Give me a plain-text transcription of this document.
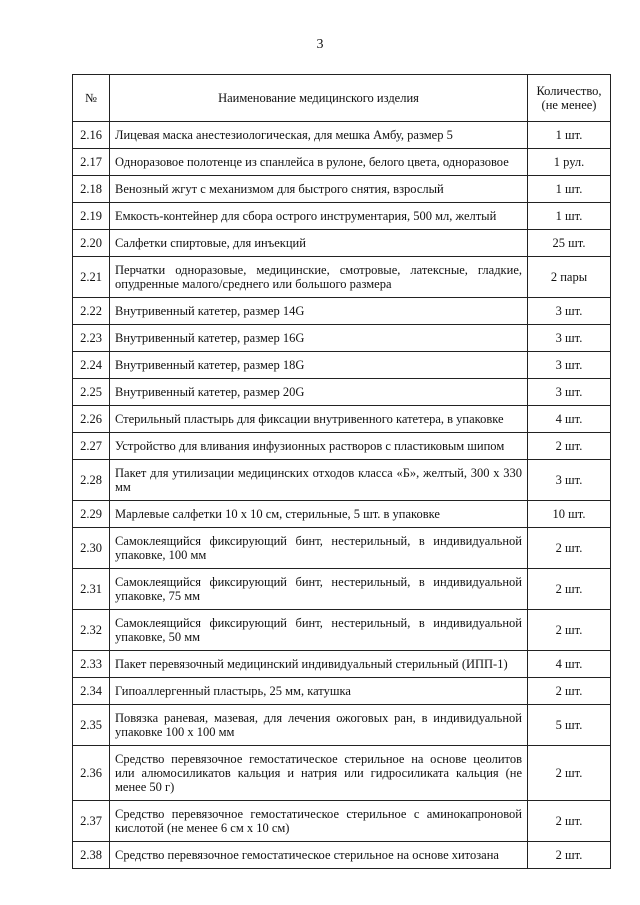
3
№	Наименование медицинского изделия	Количество, (не менее)
2.16	Лицевая маска анестезиологическая, для мешка Амбу, размер 5	1 шт.
2.17	Одноразовое полотенце из спанлейса в рулоне, белого цвета, одноразовое	1 рул.
2.18	Венозный жгут с механизмом для быстрого снятия, взрослый	1 шт.
2.19	Емкость-контейнер для сбора острого инструментария, 500 мл, желтый	1 шт.
2.20	Салфетки спиртовые, для инъекций	25 шт.
2.21	Перчатки одноразовые, медицинские, смотровые, латексные, гладкие, опудренные малого/среднего или большого размера	2 пары
2.22	Внутривенный катетер, размер 14G	3 шт.
2.23	Внутривенный катетер, размер 16G	3 шт.
2.24	Внутривенный катетер, размер 18G	3 шт.
2.25	Внутривенный катетер, размер 20G	3 шт.
2.26	Стерильный пластырь для фиксации внутривенного катетера, в упаковке	4 шт.
2.27	Устройство для вливания инфузионных растворов с пластиковым шипом	2 шт.
2.28	Пакет для утилизации медицинских отходов класса «Б», желтый, 300 х 330 мм	3 шт.
2.29	Марлевые салфетки 10 х 10 см, стерильные, 5 шт. в упаковке	10 шт.
2.30	Самоклеящийся фиксирующий бинт, нестерильный, в индивидуальной упаковке, 100 мм	2 шт.
2.31	Самоклеящийся фиксирующий бинт, нестерильный, в индивидуальной упаковке, 75 мм	2 шт.
2.32	Самоклеящийся фиксирующий бинт, нестерильный, в индивидуальной упаковке, 50 мм	2 шт.
2.33	Пакет перевязочный медицинский индивидуальный стерильный (ИПП-1)	4 шт.
2.34	Гипоаллергенный пластырь, 25 мм, катушка	2 шт.
2.35	Повязка раневая, мазевая, для лечения ожоговых ран, в индивидуальной упаковке 100 х 100 мм	5 шт.
2.36	Средство перевязочное гемостатическое стерильное на основе цеолитов или алюмосиликатов кальция и натрия или гидросиликата кальция (не менее 50 г)	2 шт.
2.37	Средство перевязочное гемостатическое стерильное с аминокапроновой кислотой (не менее 6 см х 10 см)	2 шт.
2.38	Средство перевязочное гемостатическое стерильное на основе хитозана	2 шт.
